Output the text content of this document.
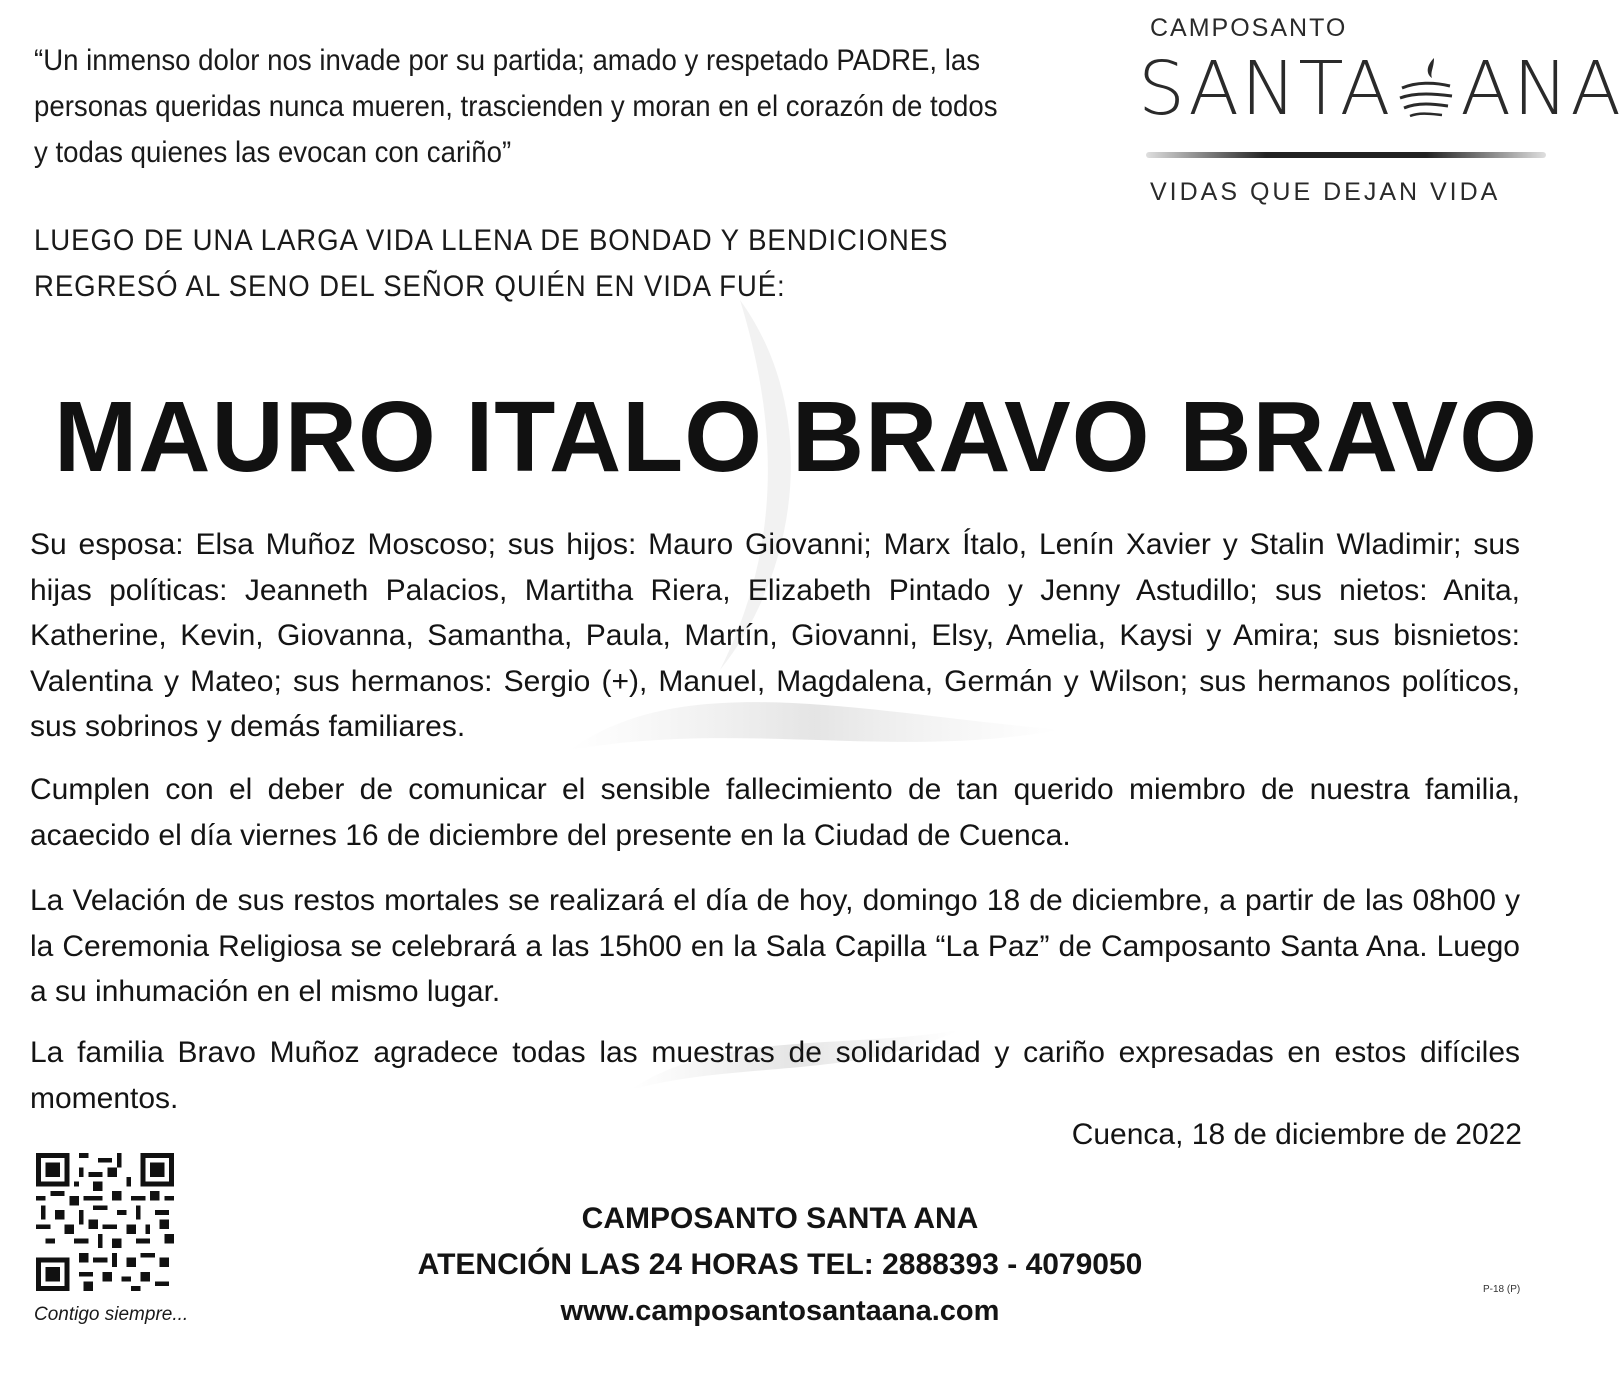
“Un inmenso dolor nos invade por su partida; amado y respetado PADRE, las personas queridas nunca mueren, trascienden y moran en el corazón de todos y todas quienes las evocan con cariño”
LUEGO DE UNA LARGA VIDA LLENA DE BONDAD Y BENDICIONES
REGRESÓ AL SENO DEL SEÑOR QUIÉN EN VIDA FUÉ:
CAMPOSANTO
SANTA ANA
VIDAS QUE DEJAN VIDA
MAURO ITALO BRAVO BRAVO
Su esposa: Elsa Muñoz Moscoso; sus hijos: Mauro Giovanni; Marx Ítalo, Lenín Xavier y Stalin Wladimir; sus hijas políticas: Jeanneth Palacios, Martitha Riera, Elizabeth Pintado y Jenny Astudillo; sus nietos: Anita, Katherine, Kevin, Giovanna, Samantha, Paula, Martín, Giovanni, Elsy, Amelia, Kaysi y Amira; sus bisnietos: Valentina y Mateo; sus hermanos: Sergio (+), Manuel, Magdalena, Germán y Wilson; sus hermanos políticos, sus sobrinos y demás familiares.
Cumplen con el deber de comunicar el sensible fallecimiento de tan querido miembro de nuestra familia, acaecido el día viernes 16 de diciembre del presente en la Ciudad de Cuenca.
La Velación de sus restos mortales se realizará el día de hoy, domingo 18 de diciembre, a partir de las 08h00 y la Ceremonia Religiosa se celebrará a las 15h00 en la Sala Capilla “La Paz” de Camposanto Santa Ana. Luego a su inhumación en el mismo lugar.
La familia Bravo Muñoz agradece todas las muestras de solidaridad y cariño expresadas en estos difíciles momentos.
Cuenca, 18 de diciembre de 2022
Contigo siempre...
CAMPOSANTO SANTA ANA
ATENCIÓN LAS 24 HORAS TEL: 2888393 - 4079050
www.camposantosantaana.com
P-18 (P)
